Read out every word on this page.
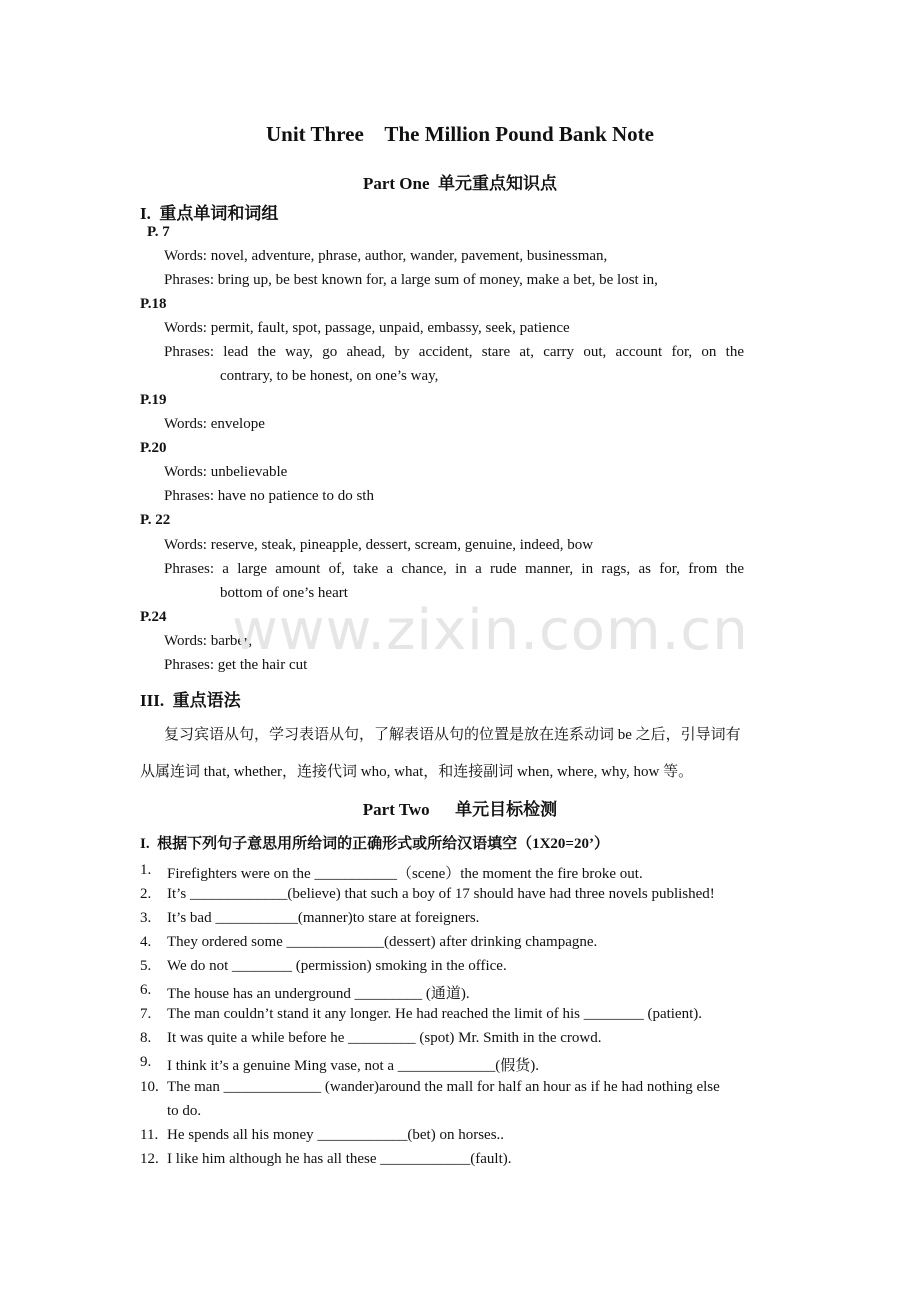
Unit Three    The Million Pound Bank Note
Part One  单元重点知识点
I.  重点单词和词组
P. 7
Words: novel, adventure, phrase, author, wander, pavement, businessman,
Phrases: bring up, be best known for, a large sum of money, make a bet, be lost in,
P.18
Words: permit, fault, spot, passage, unpaid, embassy, seek, patience
Phrases: lead the way, go ahead, by accident, stare at, carry out, account for, on the
contrary, to be honest, on one’s way,
P.19
Words: envelope
P.20
Words: unbelievable
Phrases: have no patience to do sth
P. 22
Words: reserve, steak, pineapple, dessert, scream, genuine, indeed, bow
Phrases: a large amount of, take a chance, in a rude manner, in rags, as for, from the
bottom of one’s heart
P.24
Words: barber,
Phrases: get the hair cut
www.zixin.com.cn
III.  重点语法
复习宾语从句，学习表语从句，了解表语从句的位置是放在连系动词 be 之后，引导词有
从属连词 that, whether，连接代词 who, what，和连接副词 when, where, why, how 等。
Part Two      单元目标检测
I.  根据下列句子意思用所给词的正确形式或所给汉语填空（1X20=20’）
1. Firefighters were on the ___________（scene）the moment the fire broke out.
2. It’s _____________(believe) that such a boy of 17 should have had three novels published!
3. It’s bad ___________(manner)to stare at foreigners.
4. They ordered some _____________(dessert) after drinking champagne.
5. We do not ________ (permission) smoking in the office.
6. The house has an underground _________ (通道).
7. The man couldn’t stand it any longer. He had reached the limit of his ________ (patient).
8. It was quite a while before he _________ (spot) Mr. Smith in the crowd.
9. I think it’s a genuine Ming vase, not a _____________(假货).
10. The man _____________ (wander)around the mall for half an hour as if he had nothing else
to do.
11. He spends all his money ____________(bet) on horses..
12. I like him although he has all these ____________(fault).
